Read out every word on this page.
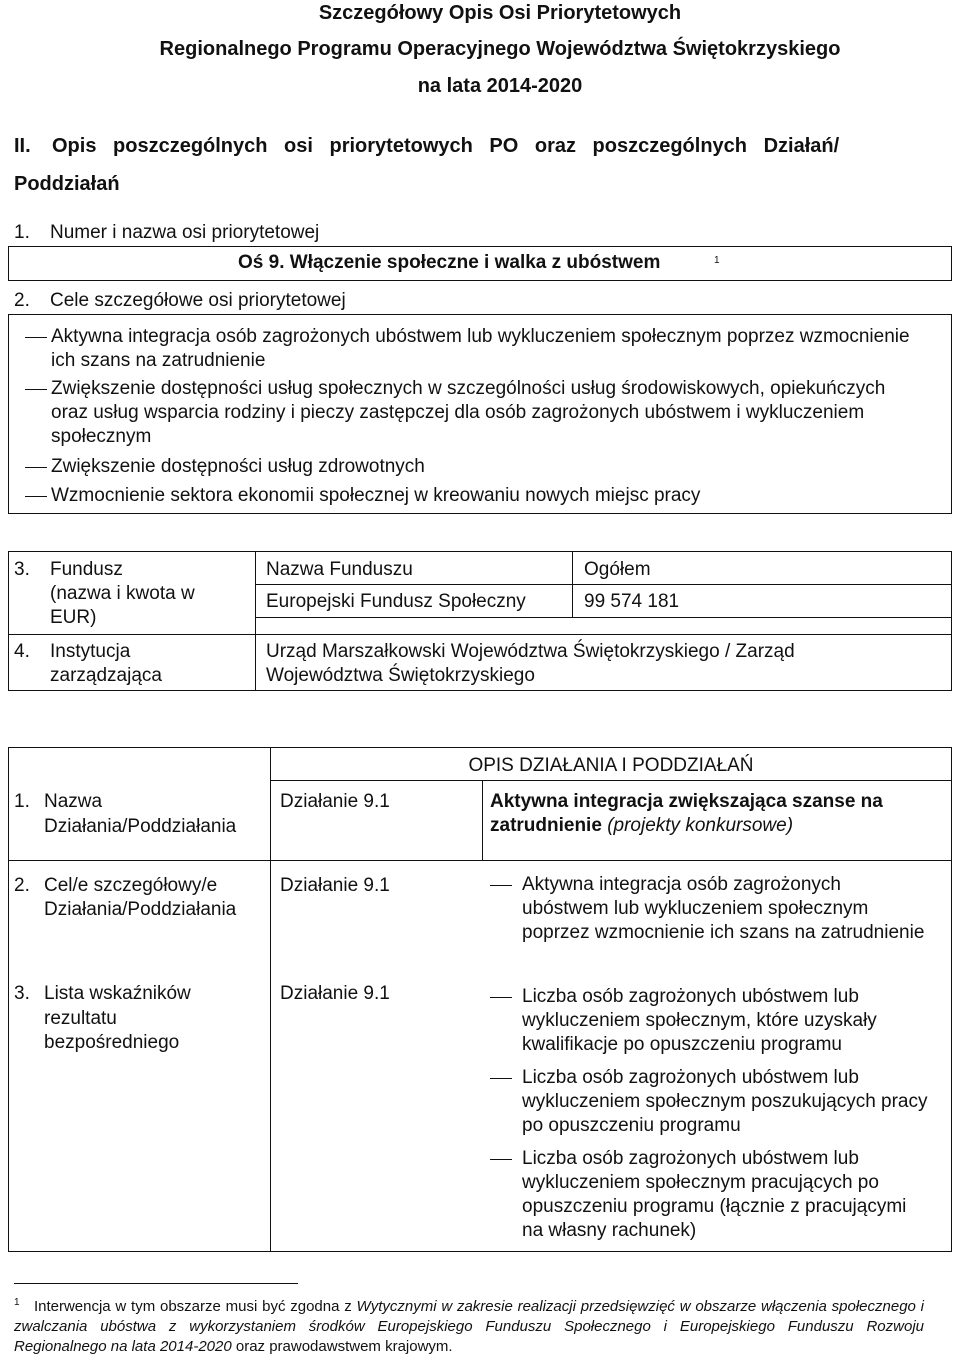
Szczegółowy Opis Osi Priorytetowych
Regionalnego Programu Operacyjnego Województwa Świętokrzyskiego
na lata 2014-2020
II. Opis poszczególnych osi priorytetowych PO oraz poszczególnych Działań/
Poddziałań
1. Numer i nazwa osi priorytetowej
Oś 9. Włączenie społeczne i walka z ubóstwem	1
2. Cele szczegółowe osi priorytetowej
Aktywna integracja osób zagrożonych ubóstwem lub wykluczeniem społecznym poprzez wzmocnienie ich szans na zatrudnienie
Zwiększenie dostępności usług społecznych w szczególności usług środowiskowych, opiekuńczych oraz usług wsparcia rodziny i pieczy zastępczej dla osób zagrożonych ubóstwem i wykluczeniem społecznym
Zwiększenie dostępności usług zdrowotnych
Wzmocnienie sektora ekonomii społecznej w kreowaniu nowych miejsc pracy
3. Fundusz
(nazwa i kwota w EUR)
Nazwa Funduszu	Ogółem
Europejski Fundusz Społeczny	99 574 181
4. Instytucja
zarządzająca
Urząd Marszałkowski Województwa Świętokrzyskiego / Zarząd Województwa Świętokrzyskiego
OPIS DZIAŁANIA I PODDZIAŁAŃ
1. Nazwa
Działania/Poddziałania
Działanie 9.1	Aktywna integracja zwiększająca szanse na zatrudnienie (projekty konkursowe)
2. Cel/e szczegółowy/e
Działania/Poddziałania
Działanie 9.1	Aktywna integracja osób zagrożonych ubóstwem lub wykluczeniem społecznym poprzez wzmocnienie ich szans na zatrudnienie
3. Lista wskaźników
rezultatu
bezpośredniego
Działanie 9.1	Liczba osób zagrożonych ubóstwem lub wykluczeniem społecznym, które uzyskały kwalifikacje po opuszczeniu programu
Liczba osób zagrożonych ubóstwem lub wykluczeniem społecznym poszukujących pracy po opuszczeniu programu
Liczba osób zagrożonych ubóstwem lub wykluczeniem społecznym pracujących po opuszczeniu programu (łącznie z pracującymi na własny rachunek)
$^1$ Interwencja w tym obszarze musi być zgodna z Wytycznymi w zakresie realizacji przedsięwzięć w obszarze włączenia społecznego i zwalczania ubóstwa z wykorzystaniem środków Europejskiego Funduszu Społecznego i Europejskiego Funduszu Rozwoju Regionalnego na lata 2014-2020 oraz prawodawstwem krajowym.
